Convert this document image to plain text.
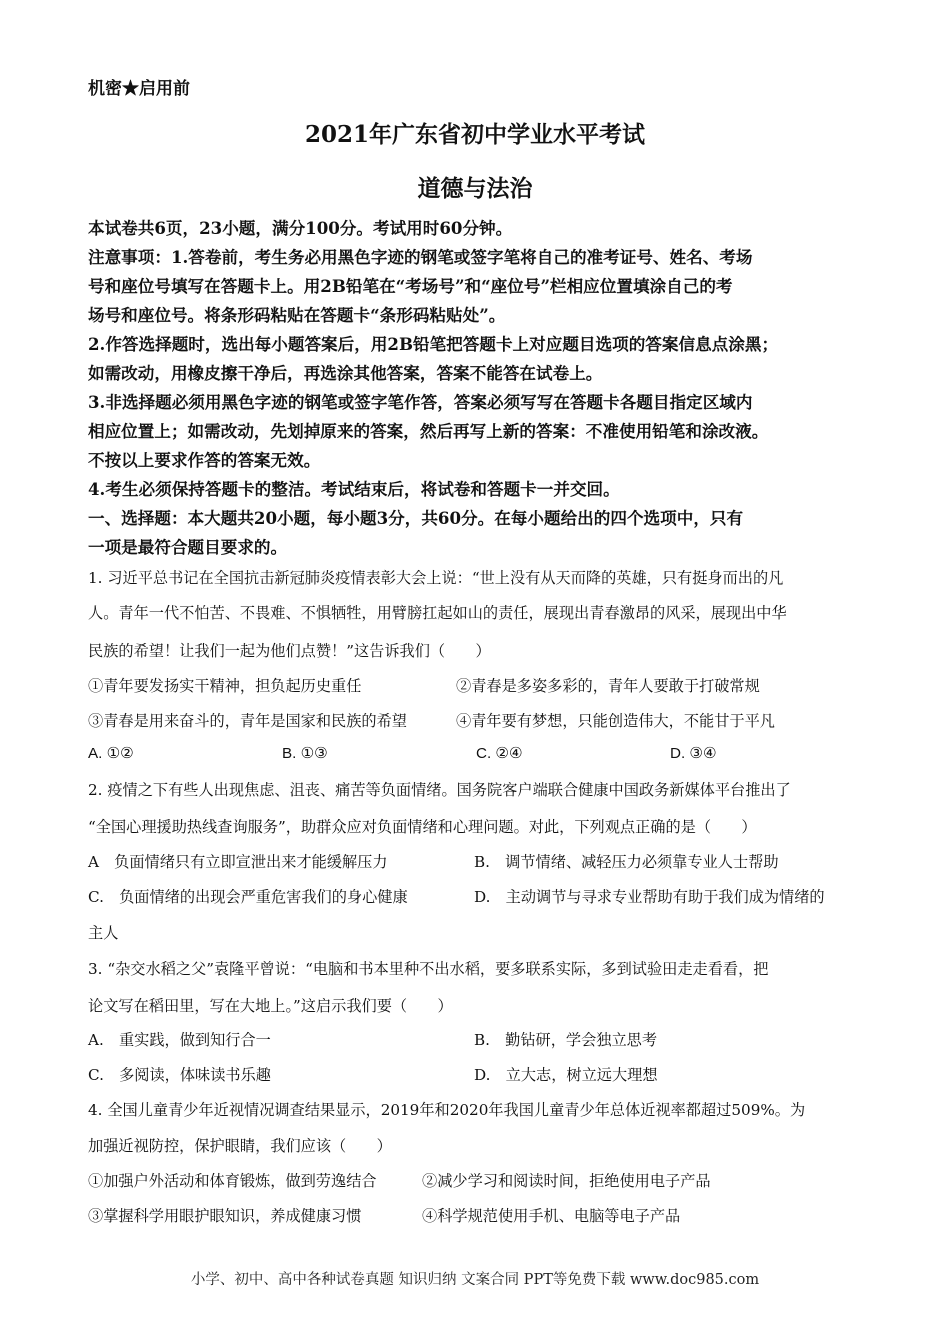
机密★启用前
2021年广东省初中学业水平考试
道德与法治
本试卷共6页，23小题，满分100分。考试用时60分钟。
注意事项：1.答卷前，考生务必用黑色字迹的钢笔或签字笔将自己的准考证号、姓名、考场
号和座位号填写在答题卡上。用2B铅笔在“考场号”和“座位号”栏相应位置填涂自己的考
场号和座位号。将条形码粘贴在答题卡“条形码粘贴处”。
2.作答选择题时，选出每小题答案后，用2B铅笔把答题卡上对应题目选项的答案信息点涂黑；
如需改动，用橡皮擦干净后，再选涂其他答案，答案不能答在试卷上。
3.非选择题必须用黑色字迹的钢笔或签字笔作答，答案必须写写在答题卡各题目指定区域内
相应位置上；如需改动，先划掉原来的答案，然后再写上新的答案：不准使用铅笔和涂改液。
不按以上要求作答的答案无效。
4.考生必须保持答题卡的整洁。考试结束后，将试卷和答题卡一并交回。
一、选择题：本大题共20小题，每小题3分，共60分。在每小题给出的四个选项中，只有
一项是最符合题目要求的。
1. 习近平总书记在全国抗击新冠肺炎疫情表彰大会上说：“世上没有从天而降的英雄，只有挺身而出的凡
人。青年一代不怕苦、不畏难、不惧牺牲，用臂膀扛起如山的责任，展现出青春激昂的风采，展现出中华
民族的希望！让我们一起为他们点赞！”这告诉我们（　　）
①青年要发扬实干精神，担负起历史重任	②青春是多姿多彩的，青年人要敢于打破常规
③青春是用来奋斗的，青年是国家和民族的希望	④青年要有梦想，只能创造伟大，不能甘于平凡
A. ①②	B. ①③	C. ②④	D. ③④
2. 疫情之下有些人出现焦虑、沮丧、痛苦等负面情绪。国务院客户端联合健康中国政务新媒体平台推出了
“全国心理援助热线查询服务”，助群众应对负面情绪和心理问题。对此，下列观点正确的是（　　）
A　负面情绪只有立即宣泄出来才能缓解压力	B.　调节情绪、减轻压力必须靠专业人士帮助
C.　负面情绪的出现会严重危害我们的身心健康	D.　主动调节与寻求专业帮助有助于我们成为情绪的
主人
3. “杂交水稻之父”袁隆平曾说：“电脑和书本里种不出水稻，要多联系实际，多到试验田走走看看，把
论文写在稻田里，写在大地上。”这启示我们要（　　）
A.　重实践，做到知行合一	B.　勤钻研，学会独立思考
C.　多阅读，体味读书乐趣	D.　立大志，树立远大理想
4. 全国儿童青少年近视情况调查结果显示，2019年和2020年我国儿童青少年总体近视率都超过509%。为
加强近视防控，保护眼睛，我们应该（　　）
①加强户外活动和体育锻炼，做到劳逸结合	②减少学习和阅读时间，拒绝使用电子产品
③掌握科学用眼护眼知识，养成健康习惯	④科学规范使用手机、电脑等电子产品
小学、初中、高中各种试卷真题 知识归纳 文案合同 PPT等免费下载 www.doc985.com
